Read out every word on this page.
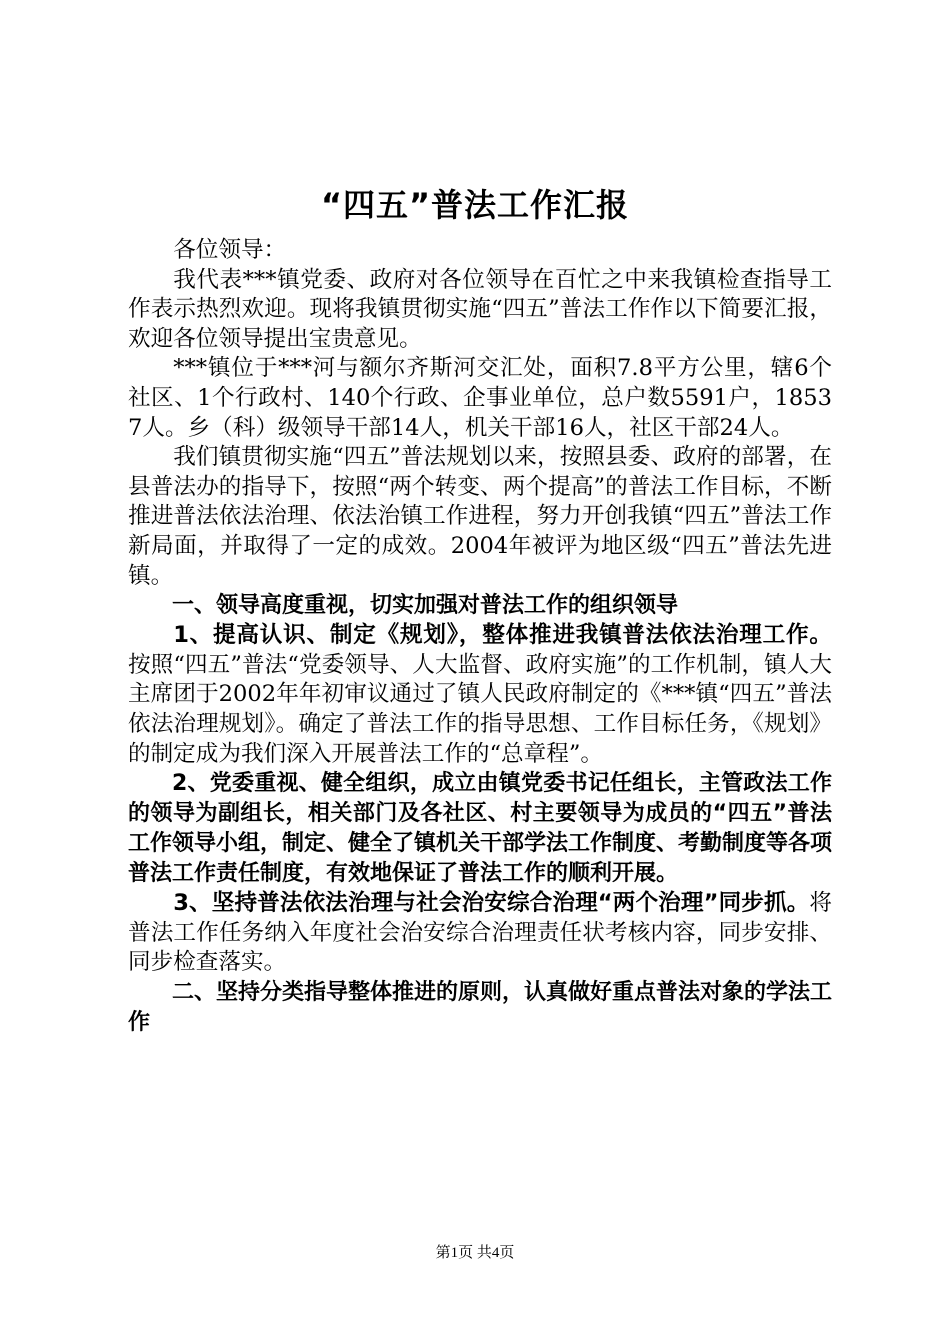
“四五”普法工作汇报

各位领导：

我代表***镇党委、政府对各位领导在百忙之中来我镇检查指导工作表示热烈欢迎。现将我镇贯彻实施“四五”普法工作作以下简要汇报，欢迎各位领导提出宝贵意见。

***镇位于***河与额尔齐斯河交汇处，面积7.8平方公里，辖6个社区、1个行政村、140个行政、企事业单位，总户数5591户，18537人。乡（科）级领导干部14人，机关干部16人，社区干部24人。

我们镇贯彻实施“四五”普法规划以来，按照县委、政府的部署，在县普法办的指导下，按照“两个转变、两个提高”的普法工作目标，不断推进普法依法治理、依法治镇工作进程，努力开创我镇“四五”普法工作新局面，并取得了一定的成效。2004年被评为地区级“四五”普法先进镇。

一、领导高度重视，切实加强对普法工作的组织领导

1、提高认识、制定《规划》，整体推进我镇普法依法治理工作。按照“四五”普法“党委领导、人大监督、政府实施”的工作机制，镇人大主席团于2002年年初审议通过了镇人民政府制定的《***镇“四五”普法依法治理规划》。确定了普法工作的指导思想、工作目标任务，《规划》的制定成为我们深入开展普法工作的“总章程”。

2、党委重视、健全组织，成立由镇党委书记任组长，主管政法工作的领导为副组长，相关部门及各社区、村主要领导为成员的“四五”普法工作领导小组，制定、健全了镇机关干部学法工作制度、考勤制度等各项普法工作责任制度，有效地保证了普法工作的顺利开展。

3、坚持普法依法治理与社会治安综合治理“两个治理”同步抓。将普法工作任务纳入年度社会治安综合治理责任状考核内容，同步安排、同步检查落实。

二、坚持分类指导整体推进的原则，认真做好重点普法对象的学法工作

第1页 共4页
